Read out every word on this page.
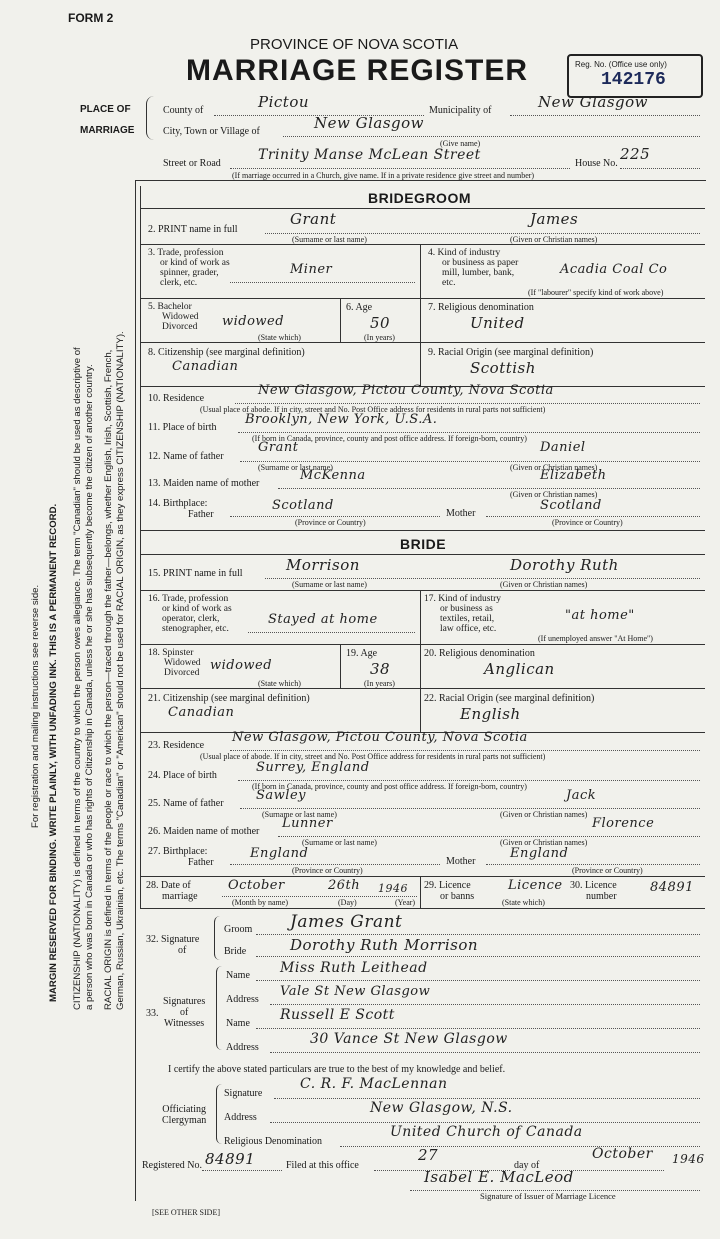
FORM 2
PROVINCE OF NOVA SCOTIA
MARRIAGE REGISTER	Reg. No. (Office use only)
142176
PLACE OF
MARRIAGE
County of	Pictou	Municipality of	New Glasgow
City, Town or Village of	New Glasgow
(Give name)
Street or Road
Trinity Manse McLean Street
House No.
225
(If marriage occurred in a Church, give name. If in a private residence give street and number)
For registration and mailing instructions see reverse side. MARGIN RESERVED FOR BINDING. WRITE PLAINLY, WITH UNFADING INK. THIS IS A PERMANENT RECORD. CITIZENSHIP (NATIONALITY) is defined in terms of the country to which the person owes allegiance. The term "Canadian" should be used as descriptive of a person who was born in Canada or who has rights of Citizenship in Canada, unless he or she has subsequently become the citizen of another country. RACIAL ORIGIN is defined in terms of the people or race to which the person—traced through the father—belongs, whether English, Irish, Scottish, French, German, Russian, Ukrainian, etc. The terms "Canadian" or "American" should not be used for RACIAL ORIGIN, as they express CITIZENSHIP (NATIONALITY).
BRIDEGROOM
2. PRINT name in full
Grant	James
(Surname or last name)	(Given or Christian names)
3. Trade, profession
or kind of work as
spinner, grader,
clerk, etc.
Miner
4. Kind of industry
or business as paper
mill, lumber, bank,
etc.
Acadia Coal Co
(If "labourer" specify kind of work above)
5. Bachelor
Widowed
Divorced widowed
(State which)
6. Age
50
(In years)
7. Religious denomination
United
8. Citizenship (see marginal definition)
Canadian
9. Racial Origin (see marginal definition)
Scottish
10. Residence
New Glasgow, Pictou County, Nova Scotia
(Usual place of abode. If in city, street and No. Post Office address for residents in rural parts not sufficient)
11. Place of birth
Brooklyn, New York, U.S.A.
(If born in Canada, province, county and post office address. If foreign-born, country)
12. Name of father
Grant	Daniel
(Surname or last name)	(Given or Christian names)
13. Maiden name of mother
McKenna	Elizabeth
(Given or Christian names)
14. Birthplace:
Father
Scotland
Mother
Scotland
(Province or Country)	(Province or Country)
BRIDE
15. PRINT name in full	Morrison	Dorothy Ruth
(Surname or last name)	(Given or Christian names)
16. Trade, profession
or kind of work as
operator, clerk,
stenographer, etc.
Stayed at home
17. Kind of industry
or business as
textiles, retail,
law office, etc.
"at home"
(If unemployed answer "At Home")
18. Spinster
Widowed
Divorced widowed
(State which)
19. Age
38
(In years)
20. Religious denomination
Anglican
21. Citizenship (see marginal definition)
Canadian
22. Racial Origin (see marginal definition)
English
23. Residence
New Glasgow, Pictou County, Nova Scotia
(Usual place of abode. If in city, street and No. Post Office address for residents in rural parts not sufficient)
24. Place of birth
Surrey, England
(If born in Canada, province, county and post office address. If foreign-born, country)
25. Name of father
Sawley	Jack
(Surname or last name)	(Given or Christian names)
26. Maiden name of mother
Lunner	Florence
(Surname or last name)	(Given or Christian names)
27. Birthplace:
Father
England
Mother
England
(Province or Country)	(Province or Country)
28. Date of
marriage
October	26th 1946
(Month by name)	(Day)	(Year)
29. Licence
or banns
Licence
(State which)
30. Licence
number
84891
32. Signature
of
Groom James Grant
Bride	Dorothy Ruth Morrison
33.
Signatures
of
Witnesses
Name Miss Ruth Leithead
Address
Vale St New Glasgow
Name
Russell E Scott
Address
30 Vance St New Glasgow
I certify the above stated particulars are true to the best of my knowledge and belief.
Officiating
Clergyman
Signature
C. R. F. MacLennan
Address
New Glasgow, N.S.
Religious Denomination
United Church of Canada
Registered No. 84891	Filed at this office
27
day of
October 1946
Isabel E. MacLeod
Signature of Issuer of Marriage Licence
[SEE OTHER SIDE]
